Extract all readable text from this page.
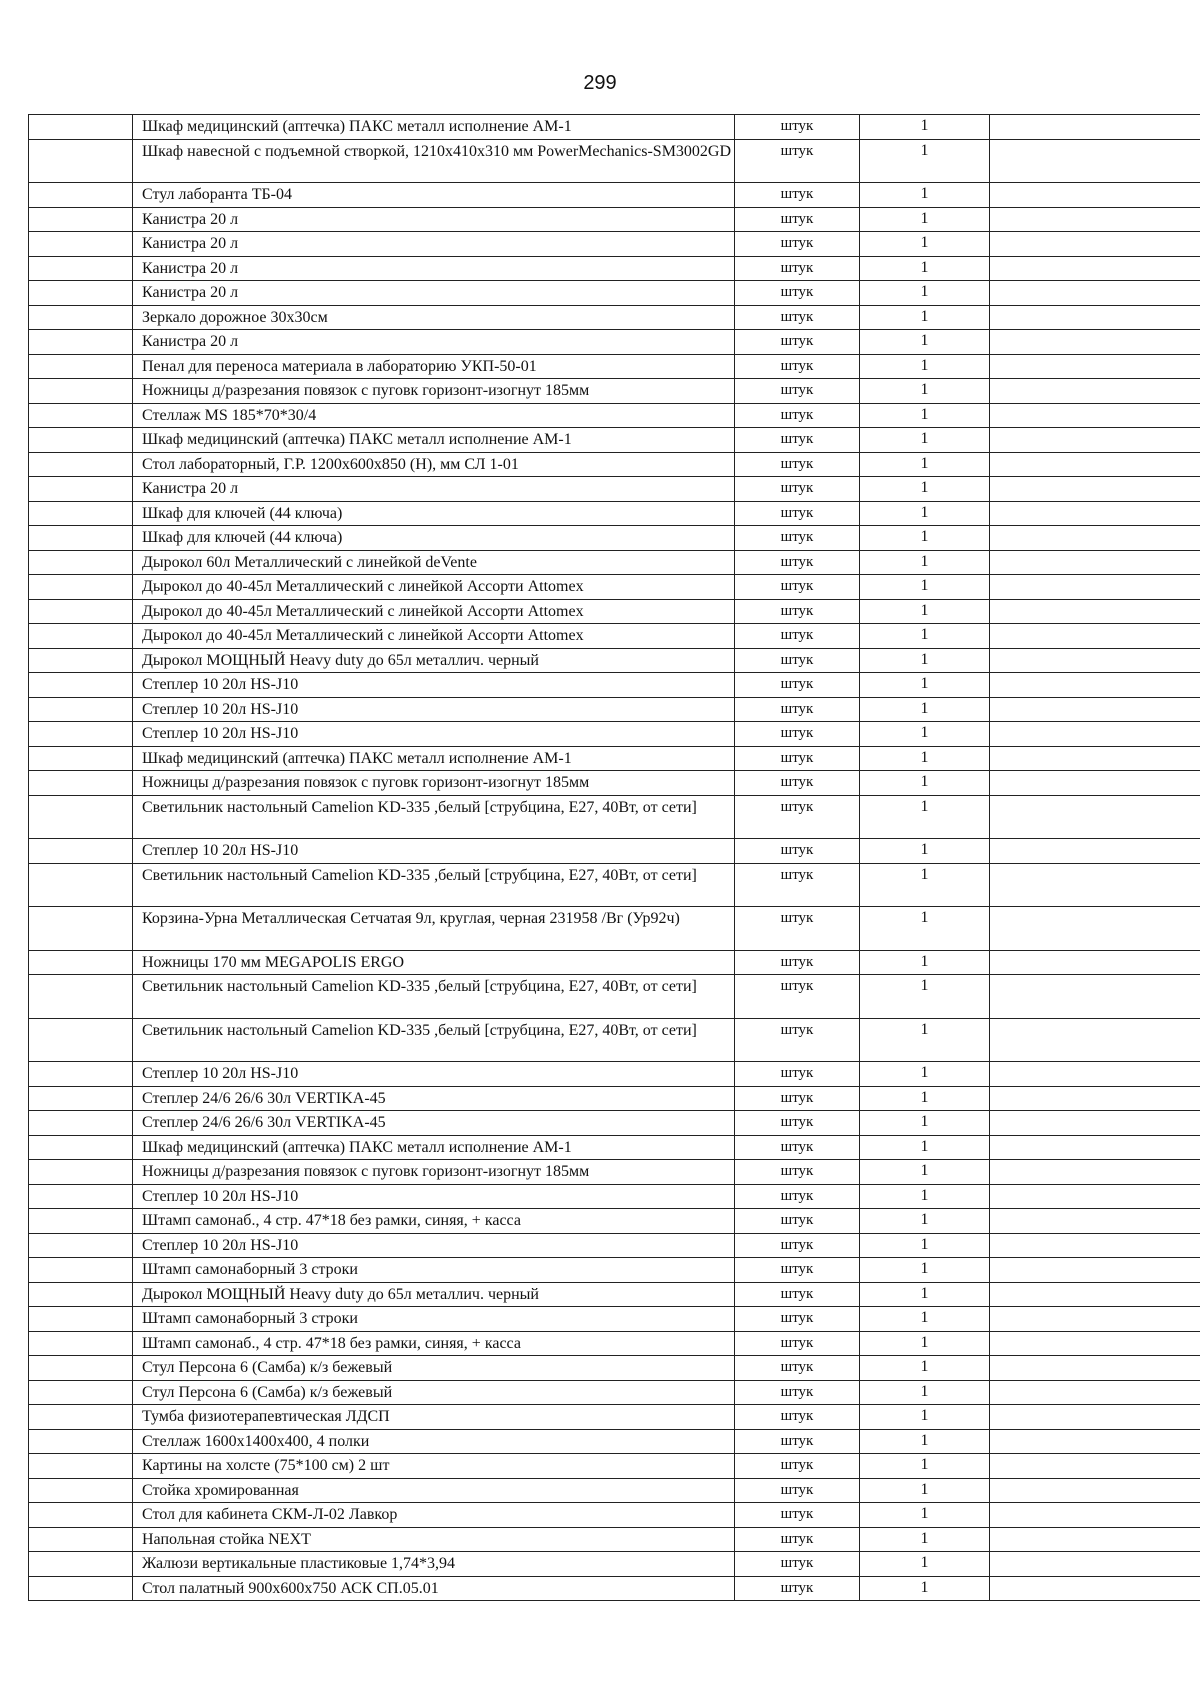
299

	Шкаф медицинский (аптечка) ПАКС металл исполнение АМ-1	штук	1	

	Шкаф навесной с подъемной створкой, 1210х410х310 мм PowerMechanics-SM3002GD	штук	1	

	Стул лаборанта ТБ-04	штук	1	

	Канистра 20 л	штук	1	

	Канистра 20 л	штук	1	

	Канистра 20 л	штук	1	

	Канистра 20 л	штук	1	

	Зеркало дорожное 30х30см	штук	1	

	Канистра 20 л	штук	1	

	Пенал для переноса материала в лабораторию УКП-50-01	штук	1	

	Ножницы д/разрезания повязок с пуговк горизонт-изогнут 185мм	штук	1	

	Стеллаж MS 185*70*30/4	штук	1	

	Шкаф медицинский (аптечка) ПАКС металл исполнение АМ-1	штук	1	

	Стол лабораторный, Г.Р. 1200х600х850 (Н), мм СЛ 1-01	штук	1	

	Канистра 20 л	штук	1	

	Шкаф для ключей (44 ключа)	штук	1	

	Шкаф для ключей (44 ключа)	штук	1	

	Дырокол 60л Металлический с линейкой deVente	штук	1	

	Дырокол до 40-45л Металлический с линейкой Ассорти Attomex	штук	1	

	Дырокол до 40-45л Металлический с линейкой Ассорти Attomex	штук	1	

	Дырокол до 40-45л Металлический с линейкой Ассорти Attomex	штук	1	

	Дырокол МОЩНЫЙ Heavy duty до 65л металлич. черный	штук	1	

	Степлер 10 20л HS-J10	штук	1	

	Степлер 10 20л HS-J10	штук	1	

	Степлер 10 20л HS-J10	штук	1	

	Шкаф медицинский (аптечка) ПАКС металл исполнение АМ-1	штук	1	

	Ножницы д/разрезания повязок с пуговк горизонт-изогнут 185мм	штук	1	

	Светильник настольный Camelion KD-335 ,белый [струбцина, E27, 40Вт, от сети]	штук	1	

	Степлер 10 20л HS-J10	штук	1	

	Светильник настольный Camelion KD-335 ,белый [струбцина, E27, 40Вт, от сети]	штук	1	

	Корзина-Урна Металлическая Сетчатая 9л, круглая, черная 231958 /Вг (Ур92ч)	штук	1	

	Ножницы 170 мм MEGAPOLIS ERGO	штук	1	

	Светильник настольный Camelion KD-335 ,белый [струбцина, E27, 40Вт, от сети]	штук	1	

	Светильник настольный Camelion KD-335 ,белый [струбцина, E27, 40Вт, от сети]	штук	1	

	Степлер 10 20л HS-J10	штук	1	

	Степлер 24/6 26/6 30л VERTIKA-45	штук	1	

	Степлер 24/6 26/6 30л VERTIKA-45	штук	1	

	Шкаф медицинский (аптечка) ПАКС металл исполнение АМ-1	штук	1	

	Ножницы д/разрезания повязок с пуговк горизонт-изогнут 185мм	штук	1	

	Степлер 10 20л HS-J10	штук	1	

	Штамп самонаб., 4 стр. 47*18 без рамки, синяя, + касса	штук	1	

	Степлер 10 20л HS-J10	штук	1	

	Штамп самонаборный 3 строки	штук	1	

	Дырокол МОЩНЫЙ Heavy duty до 65л металлич. черный	штук	1	

	Штамп самонаборный 3 строки	штук	1	

	Штамп самонаб., 4 стр. 47*18 без рамки, синяя, + касса	штук	1	

	Стул Персона 6 (Самба) к/з бежевый	штук	1	

	Стул Персона 6 (Самба) к/з бежевый	штук	1	

	Тумба физиотерапевтическая ЛДСП	штук	1	

	Стеллаж 1600х1400х400, 4 полки	штук	1	

	Картины на холсте (75*100 см) 2 шт	штук	1	

	Стойка хромированная	штук	1	

	Стол для кабинета СКМ-Л-02 Лавкор	штук	1	

	Напольная стойка NEXT	штук	1	

	Жалюзи вертикальные пластиковые 1,74*3,94	штук	1	

	Стол палатный 900х600х750 АСК СП.05.01	штук	1	
